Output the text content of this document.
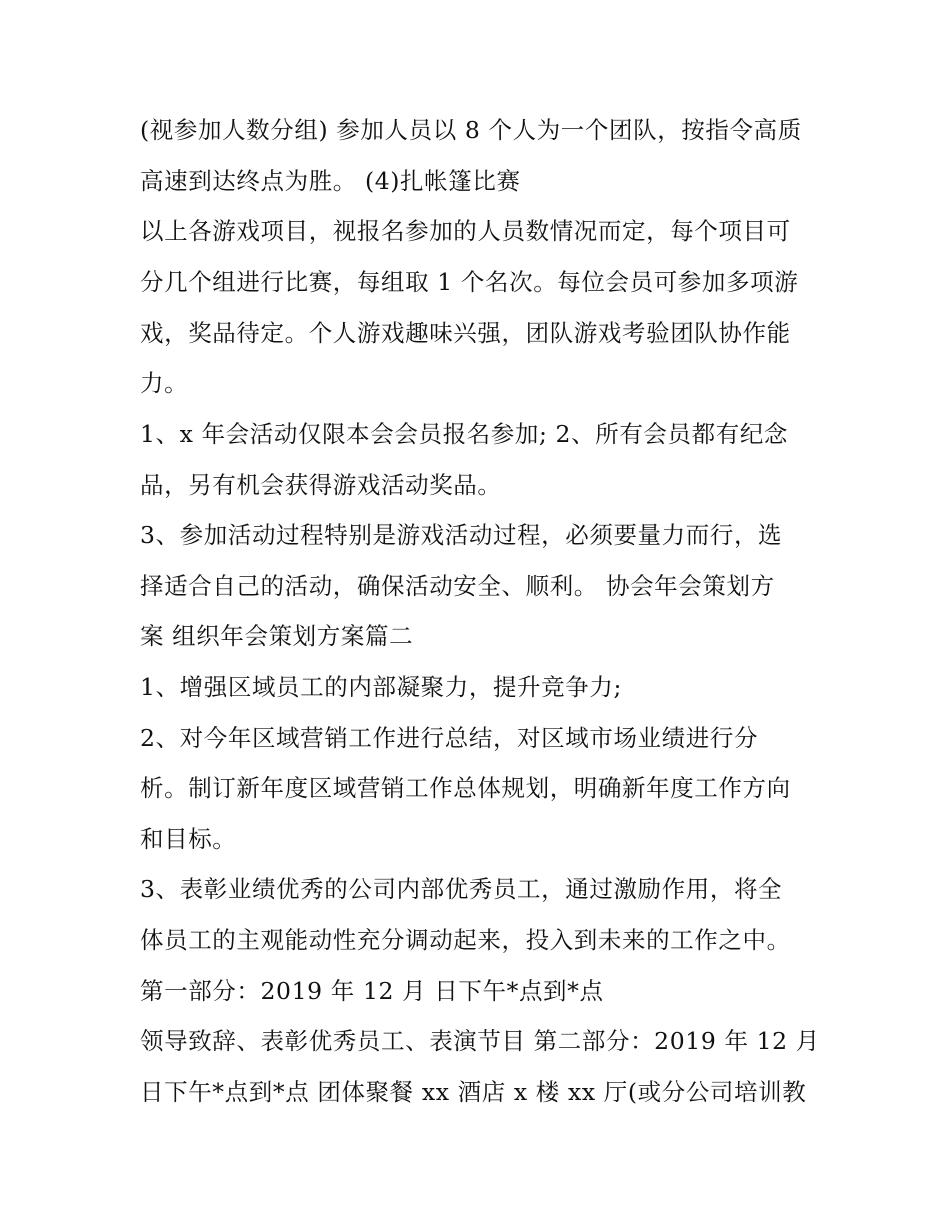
(视参加人数分组) 参加人员以 8 个人为一个团队，按指令高质
高速到达终点为胜。 (4)扎帐篷比赛
以上各游戏项目，视报名参加的人员数情况而定，每个项目可
分几个组进行比赛，每组取 1 个名次。每位会员可参加多项游
戏，奖品待定。个人游戏趣味兴强，团队游戏考验团队协作能
力。
1、x 年会活动仅限本会会员报名参加; 2、所有会员都有纪念
品，另有机会获得游戏活动奖品。
3、参加活动过程特别是游戏活动过程，必须要量力而行，选
择适合自己的活动，确保活动安全、顺利。 协会年会策划方
案 组织年会策划方案篇二
1、增强区域员工的内部凝聚力，提升竞争力;
2、对今年区域营销工作进行总结，对区域市场业绩进行分
析。制订新年度区域营销工作总体规划，明确新年度工作方向
和目标。
3、表彰业绩优秀的公司内部优秀员工，通过激励作用，将全
体员工的主观能动性充分调动起来，投入到未来的工作之中。
第一部分：2019 年 12 月 日下午*点到*点
领导致辞、表彰优秀员工、表演节目 第二部分：2019 年 12 月
日下午*点到*点 团体聚餐 xx 酒店 x 楼 xx 厅(或分公司培训教
